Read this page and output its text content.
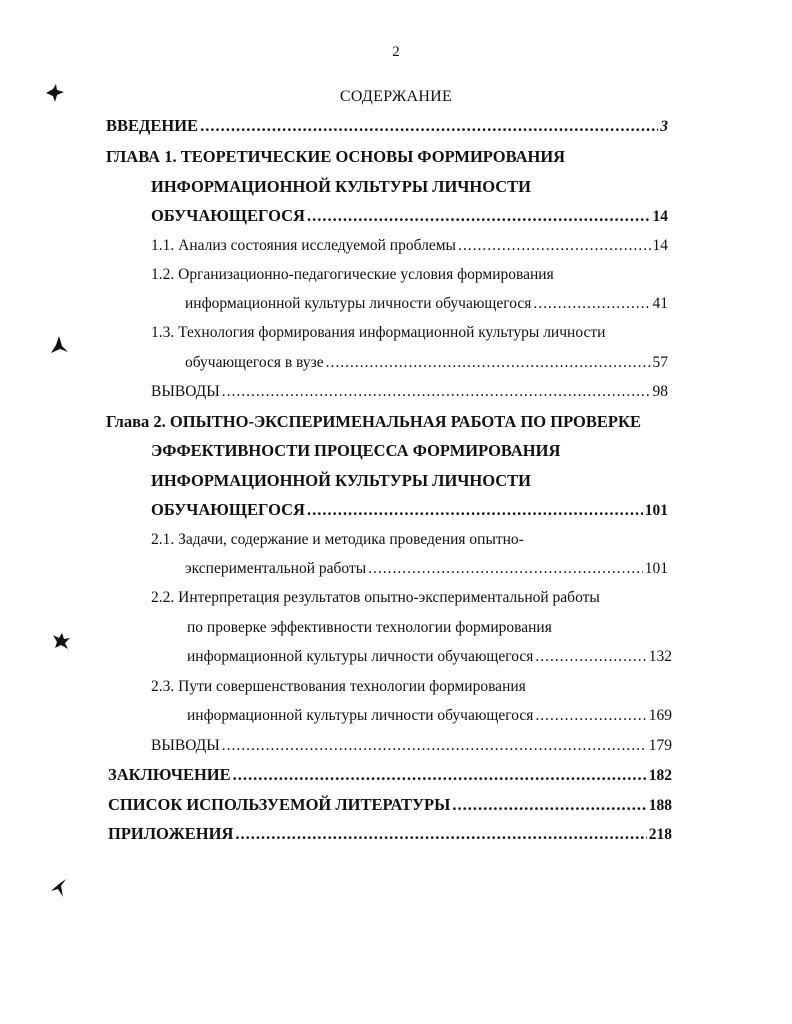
2
СОДЕРЖАНИЕ
ВВЕДЕНИЕ .....	3
ГЛАВА 1. ТЕОРЕТИЧЕСКИЕ ОСНОВЫ ФОРМИРОВАНИЯ
ИНФОРМАЦИОННОЙ КУЛЬТУРЫ ЛИЧНОСТИ
ОБУЧАЮЩЕГОСЯ .....	14
1.1. Анализ состояния исследуемой проблемы .....	14
1.2. Организационно-педагогические условия формирования
информационной культуры личности обучающегося .....	41
1.3. Технология формирования информационной культуры личности
обучающегося в вузе .....	57
ВЫВОДЫ .....	98
Глава 2. ОПЫТНО-ЭКСПЕРИМЕНАЛЬНАЯ РАБОТА ПО ПРОВЕРКЕ
ЭФФЕКТИВНОСТИ ПРОЦЕССА ФОРМИРОВАНИЯ
ИНФОРМАЦИОННОЙ КУЛЬТУРЫ ЛИЧНОСТИ
ОБУЧАЮЩЕГОСЯ .....	101
2.1. Задачи, содержание и методика проведения опытно-
экспериментальной работы .....	101
2.2. Интерпретация результатов опытно-экспериментальной работы
по проверке эффективности технологии формирования
информационной культуры личности обучающегося .....	132
2.3. Пути совершенствования технологии формирования
информационной культуры личности обучающегося .....	169
ВЫВОДЫ .....	179
ЗАКЛЮЧЕНИЕ .....	182
СПИСОК ИСПОЛЬЗУЕМОЙ ЛИТЕРАТУРЫ .....	188
ПРИЛОЖЕНИЯ .....	218
